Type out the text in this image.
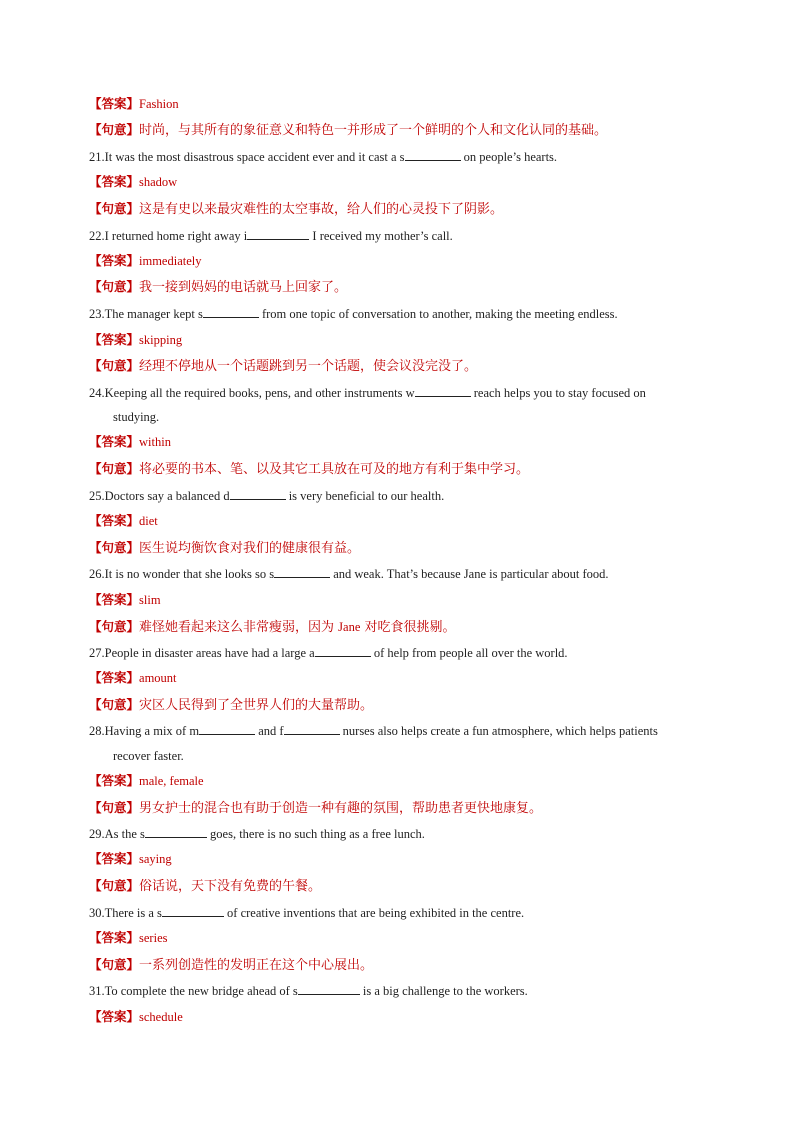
【答案】Fashion
【句意】时尚，与其所有的象征意义和特色一并形成了一个鲜明的个人和文化认同的基础。
21.It was the most disastrous space accident ever and it cast a s	on people’s hearts.
【答案】shadow
【句意】这是有史以来最灾难性的太空事故，给人们的心灵投下了阴影。
22.I returned home right away i	I received my mother’s call.
【答案】immediately
【句意】我一接到妈妈的电话就马上回家了。
23.The manager kept s	from one topic of conversation to another, making the meeting endless.
【答案】skipping
【句意】经理不停地从一个话题跳到另一个话题，使会议没完没了。
24.Keeping all the required books, pens, and other instruments w	reach helps you to stay focused on
studying.
【答案】within
【句意】将必要的书本、笔、以及其它工具放在可及的地方有利于集中学习。
25.Doctors say a balanced d	is very beneficial to our health.
【答案】diet
【句意】医生说均衡饮食对我们的健康很有益。
26.It is no wonder that she looks so s	and weak. That’s because Jane is particular about food.
【答案】slim
【句意】难怪她看起来这么非常瘦弱，因为 Jane 对吃食很挑剔。
27.People in disaster areas have had a large a	of help from people all over the world.
【答案】amount
【句意】灾区人民得到了全世界人们的大量帮助。
28.Having a mix of m	and f	nurses also helps create a fun atmosphere, which helps patients
recover faster.
【答案】male, female
【句意】男女护士的混合也有助于创造一种有趣的氛围，帮助患者更快地康复。
29.As the s	goes, there is no such thing as a free lunch.
【答案】saying
【句意】俗话说，天下没有免费的午餐。
30.There is a s	of creative inventions that are being exhibited in the centre.
【答案】series
【句意】一系列创造性的发明正在这个中心展出。
31.To complete the new bridge ahead of s	is a big challenge to the workers.
【答案】schedule
